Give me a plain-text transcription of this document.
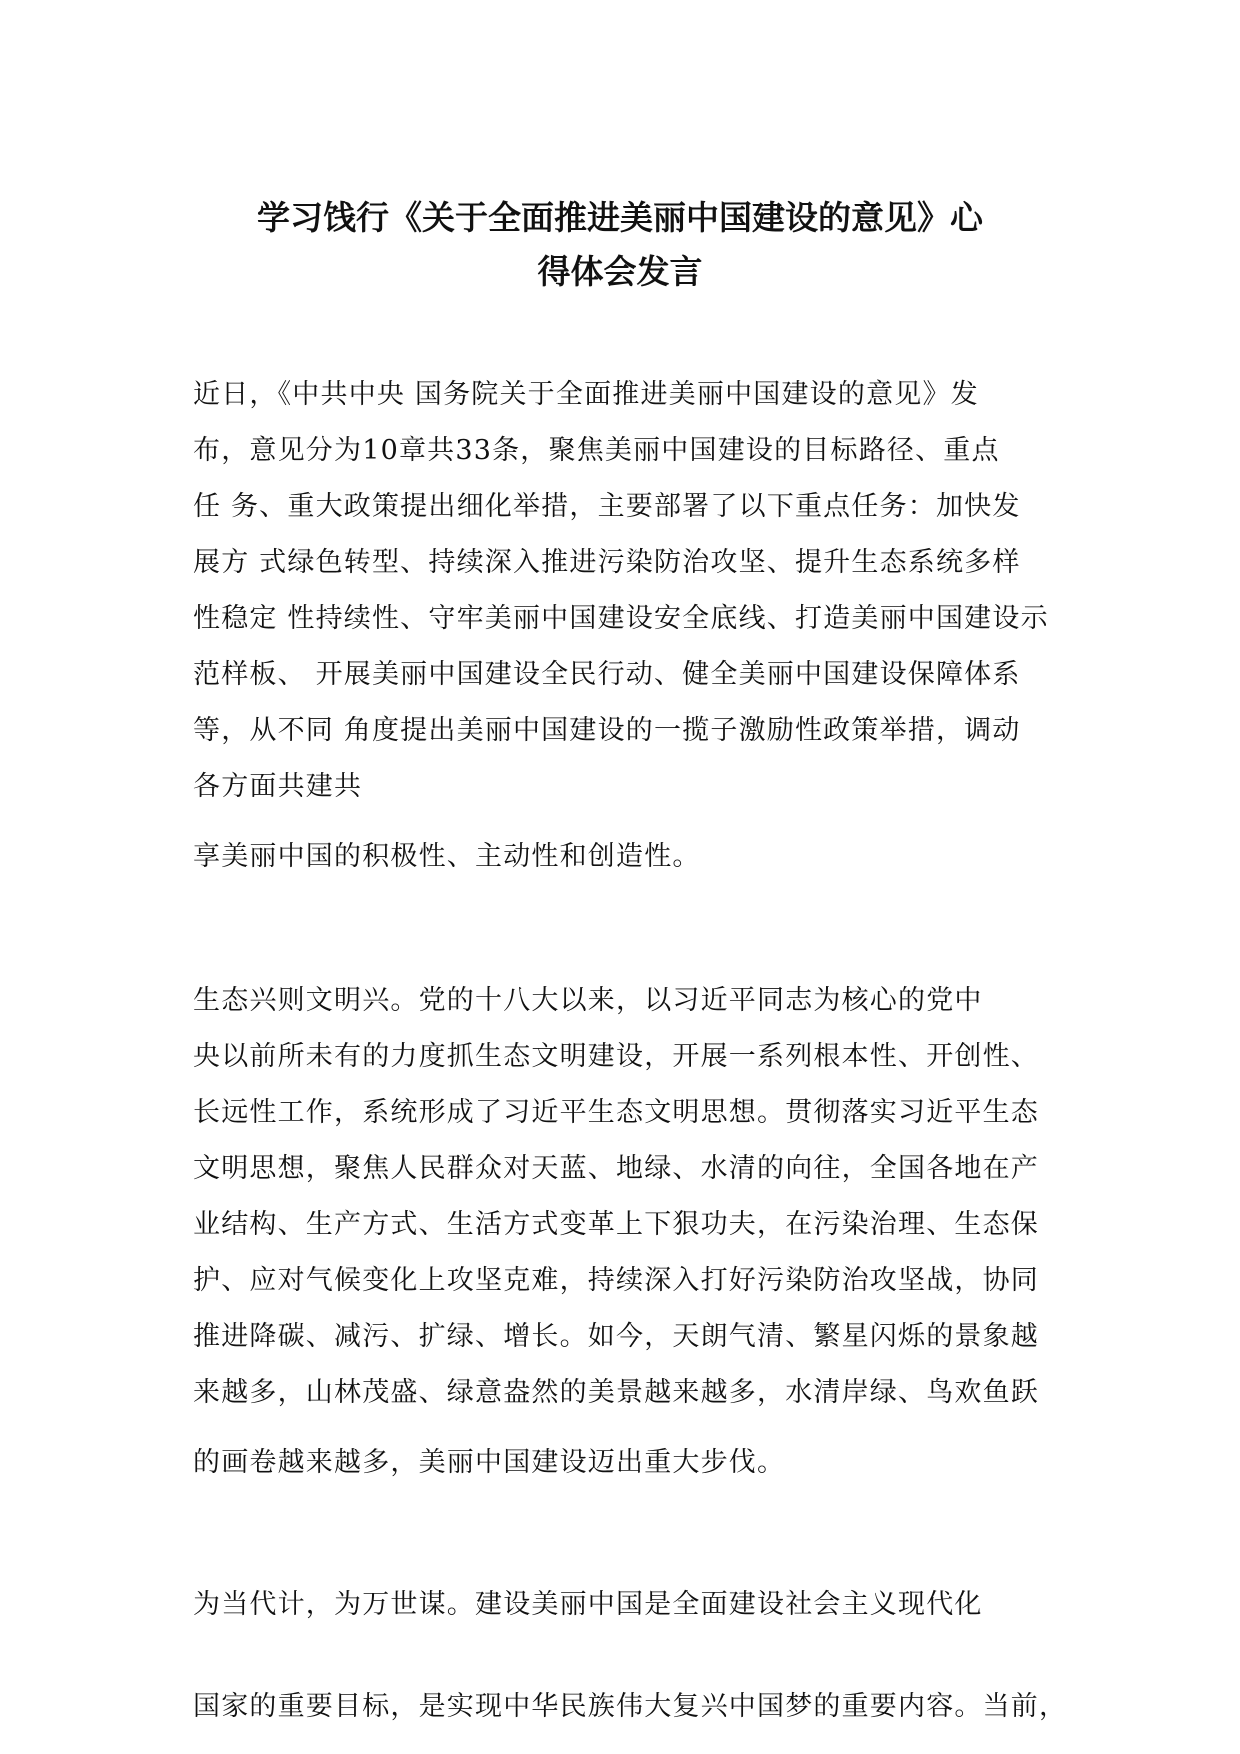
学习饯行《关于全面推进美丽中国建设的意见》心
得体会发言

近日，《中共中央 国务院关于全面推进美丽中国建设的意见》发

布，意见分为10章共33条，聚焦美丽中国建设的目标路径、重点

任 务、重大政策提出细化举措，主要部署了以下重点任务：加快发

展方 式绿色转型、持续深入推进污染防治攻坚、提升生态系统多样

性稳定 性持续性、守牢美丽中国建设安全底线、打造美丽中国建设示

范样板、 开展美丽中国建设全民行动、健全美丽中国建设保障体系

等，从不同 角度提出美丽中国建设的一揽子激励性政策举措，调动

各方面共建共

享美丽中国的积极性、主动性和创造性。

生态兴则文明兴。党的十八大以来，以习近平同志为核心的党中

央以前所未有的力度抓生态文明建设，开展一系列根本性、开创性、

长远性工作，系统形成了习近平生态文明思想。贯彻落实习近平生态

文明思想，聚焦人民群众对天蓝、地绿、水清的向往，全国各地在产

业结构、生产方式、生活方式变革上下狠功夫，在污染治理、生态保

护、应对气候变化上攻坚克难，持续深入打好污染防治攻坚战，协同

推进降碳、减污、扩绿、增长。如今，天朗气清、繁星闪烁的景象越

来越多，山林茂盛、绿意盎然的美景越来越多，水清岸绿、鸟欢鱼跃

的画卷越来越多，美丽中国建设迈出重大步伐。

为当代计，为万世谋。建设美丽中国是全面建设社会主义现代化

国家的重要目标，是实现中华民族伟大复兴中国梦的重要内容。当前，
